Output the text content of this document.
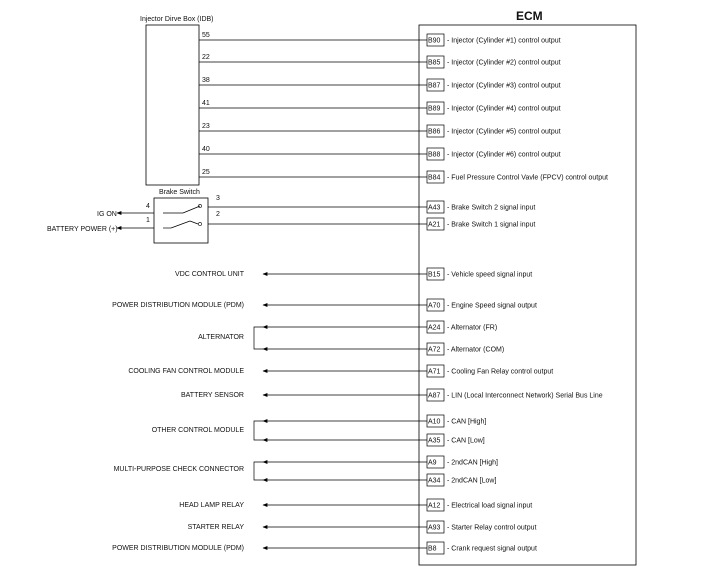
ECM
Injector Dirve Box (IDB)
Brake Switch
4
1
3
2
IG ON
BATTERY POWER (+)
55
B90 - Injector (Cylinder #1) control output
22
B85 - Injector (Cylinder #2) control output
38
B87 - Injector (Cylinder #3) control output
41
B89 - Injector (Cylinder #4) control output
23
B86 - Injector (Cylinder #5) control output
40
B88 - Injector (Cylinder #6) control output
25
B84 - Fuel Pressure Control Vavle (FPCV) control output
A43 - Brake Switch 2 signal input
A21 - Brake Switch 1 signal input
B15 - Vehicle speed signal input
A70 - Engine Speed signal output
A24 - Alternator (FR)
A72 - Alternator (COM)
A71 - Cooling Fan Relay control output
A87 - LIN (Local Interconnect Network) Serial Bus Line
A10 - CAN [High]
A35 - CAN [Low]
A9 - 2ndCAN [High]
A34 - 2ndCAN [Low]
A12 - Electrical load signal input
A93 - Starter Relay control output
B8 - Crank request signal output
VDC CONTROL UNIT
POWER DISTRIBUTION MODULE (PDM)
ALTERNATOR
COOLING FAN CONTROL MODULE
BATTERY SENSOR
OTHER CONTROL MODULE
MULTI-PURPOSE CHECK CONNECTOR
HEAD LAMP RELAY
STARTER RELAY
POWER DISTRIBUTION MODULE (PDM)
